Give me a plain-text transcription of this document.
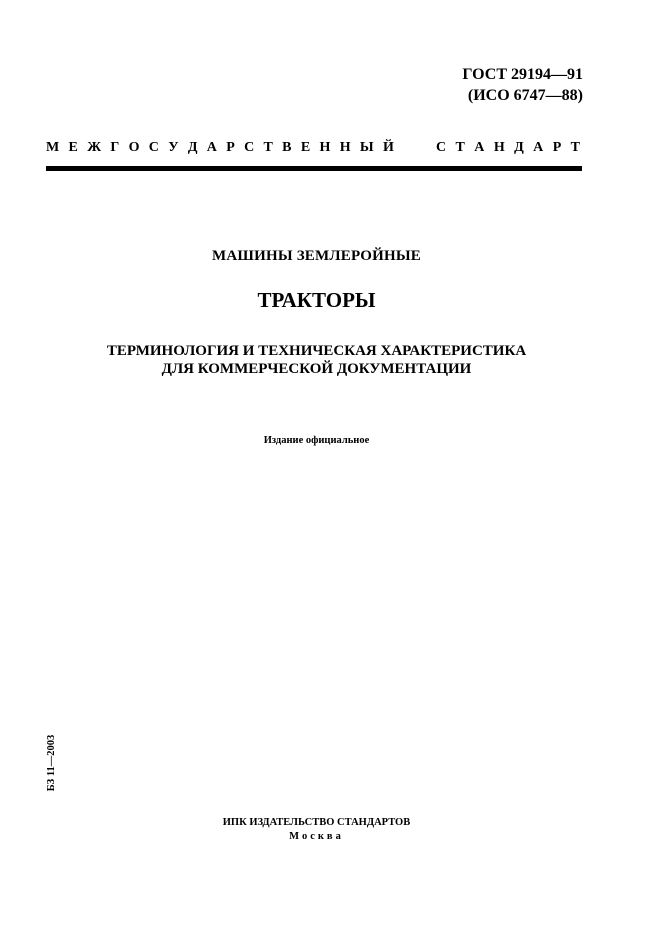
ГОСТ 29194—91
(ИСО 6747—88)
М Е Ж Г О С У Д А Р С Т В Е Н Н Ы Й	С Т А Н Д А Р Т
МАШИНЫ ЗЕМЛЕРОЙНЫЕ
ТРАКТОРЫ
ТЕРМИНОЛОГИЯ И ТЕХНИЧЕСКАЯ ХАРАКТЕРИСТИКА
ДЛЯ КОММЕРЧЕСКОЙ ДОКУМЕНТАЦИИ
Издание официальное
БЗ 11—2003
ИПК ИЗДАТЕЛЬСТВО СТАНДАРТОВ
Москва
